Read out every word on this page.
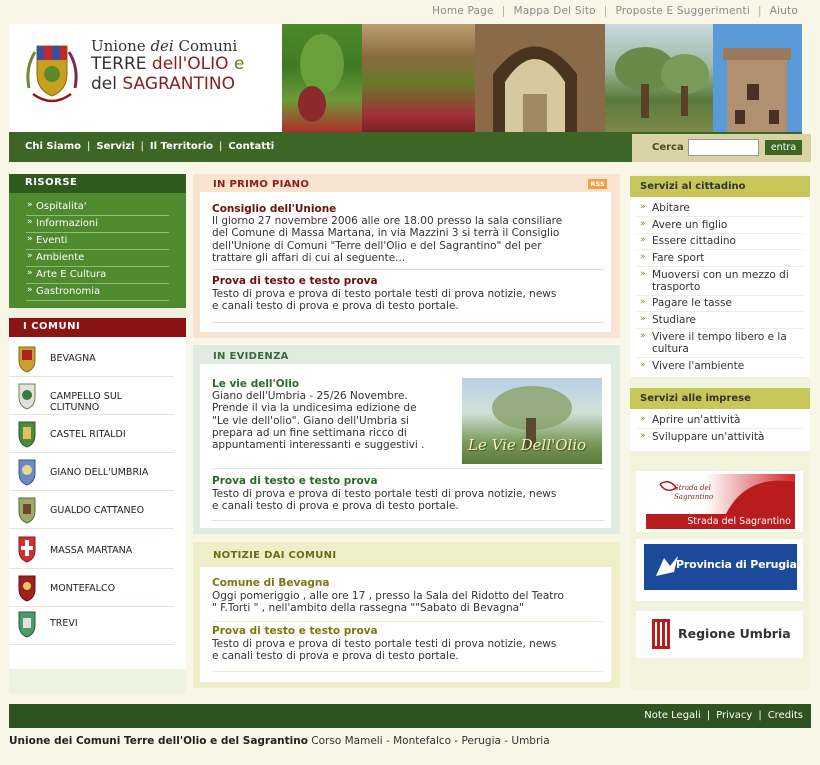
Home Page | Mappa Del Sito | Proposte E Suggerimenti | Aiuto
Unione dei Comuni
TERRE dell'OLIO e
del SAGRANTINO
Chi Siamo | Servizi | Il Territorio | Contatti	Cerca	entra
RISORSE
» Ospitalita'
» Informazioni
» Eventi
» Ambiente
» Arte E Cultura
» Gastronomia
I COMUNI
BEVAGNA
CAMPELLO SUL CLITUNNO
CASTEL RITALDI
GIANO DELL'UMBRIA
GUALDO CATTANEO
MASSA MARTANA
MONTEFALCO
TREVI
IN PRIMO PIANO	RSS
Consiglio dell'Unione
Il giorno 27 novembre 2006 alle ore 18.00 presso la sala consiliare
del Comune di Massa Martana, in via Mazzini 3 si terrà il Consiglio
dell'Unione di Comuni "Terre dell'Olio e del Sagrantino" del per
trattare gli affari di cui al seguente...
Prova di testo e testo prova
Testo di prova e prova di testo portale testi di prova notizie, news
e canali testo di prova e prova di testo portale.
IN EVIDENZA
Le vie dell'Olio
Giano dell'Umbria - 25/26 Novembre.
Prende il via la undicesima edizione de
"Le vie dell'olio". Giano dell'Umbria si
prepara ad un fine settimana ricco di
appuntamenti interessanti e suggestivi .	Le Vie Dell'Olio
Prova di testo e testo prova
Testo di prova e prova di testo portale testi di prova notizie, news
e canali testo di prova e prova di testo portale.
NOTIZIE DAI COMUNI
Comune di Bevagna
Oggi pomeriggio , alle ore 17 , presso la Sala del Ridotto del Teatro
" F.Torti " , nell'ambito della rassegna ""Sabato di Bevagna"
Prova di testo e testo prova
Testo di prova e prova di testo portale testi di prova notizie, news
e canali testo di prova e prova di testo portale.
Servizi al cittadino
» Abitare
» Avere un figlio
» Essere cittadino
» Fare sport
» Muoversi con un mezzo di trasporto
» Pagare le tasse
» Studiare
» Vivere il tempo libero e la cultura
» Vivere l'ambiente
Servizi alle imprese
» Aprire un'attività
» Sviluppare un'attività
Strada del Sagrantino
Strada del Sagrantino
Provincia di Perugia
Regione Umbria
Note Legali | Privacy | Credits
Unione dei Comuni Terre dell'Olio e del Sagrantino Corso Mameli - Montefalco - Perugia - Umbria
